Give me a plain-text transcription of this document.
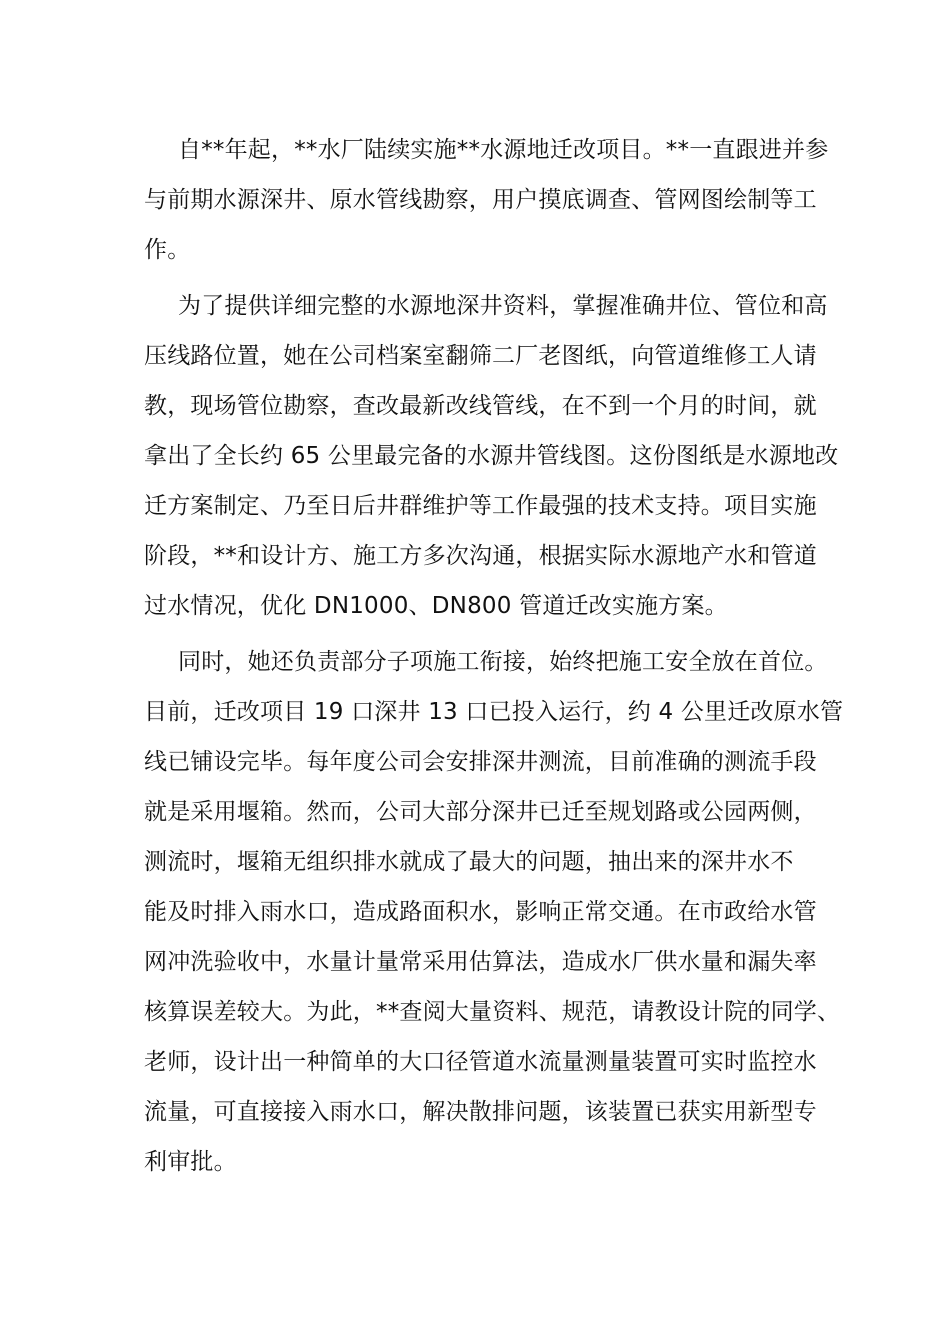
自**年起，**水厂陆续实施**水源地迁改项目。**一直跟进并参
与前期水源深井、原水管线勘察，用户摸底调查、管网图绘制等工
作。
为了提供详细完整的水源地深井资料，掌握准确井位、管位和高
压线路位置，她在公司档案室翻筛二厂老图纸，向管道维修工人请
教，现场管位勘察，查改最新改线管线，在不到一个月的时间，就
拿出了全长约 65 公里最完备的水源井管线图。这份图纸是水源地改
迁方案制定、乃至日后井群维护等工作最强的技术支持。项目实施
阶段，**和设计方、施工方多次沟通，根据实际水源地产水和管道
过水情况，优化 DN1000、DN800 管道迁改实施方案。
同时，她还负责部分子项施工衔接，始终把施工安全放在首位。
目前，迁改项目 19 口深井 13 口已投入运行，约 4 公里迁改原水管
线已铺设完毕。每年度公司会安排深井测流，目前准确的测流手段
就是采用堰箱。然而，公司大部分深井已迁至规划路或公园两侧，
测流时，堰箱无组织排水就成了最大的问题，抽出来的深井水不
能及时排入雨水口，造成路面积水，影响正常交通。在市政给水管
网冲洗验收中，水量计量常采用估算法，造成水厂供水量和漏失率
核算误差较大。为此，**查阅大量资料、规范，请教设计院的同学、
老师，设计出一种简单的大口径管道水流量测量装置可实时监控水
流量，可直接接入雨水口，解决散排问题，该装置已获实用新型专
利审批。
